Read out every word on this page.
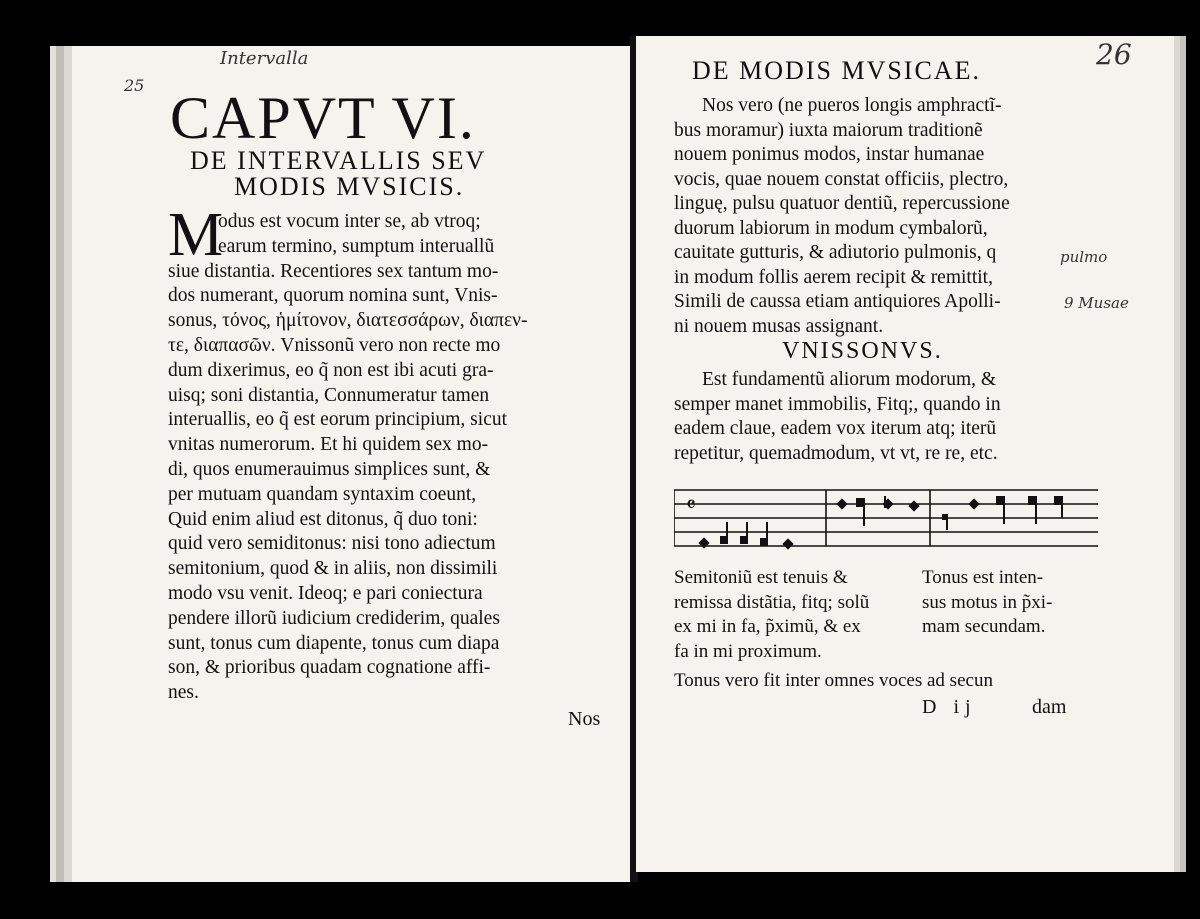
Intervalla
25 CAPVT VI.
DE INTERVALLIS SEV
MODIS MVSICIS.
M
odus est vocum inter se, ab vtroq;
earum termino, sumptum interuallũ
siue distantia. Recentiores sex tantum mo-
dos numerant, quorum nomina sunt, Vnis-
sonus, τόνος, ἡμίτονον, διατεσσάρων, διαπεν-
τε, διαπασῶν. Vnissonũ vero non recte mo
dum dixerimus, eo q̃ non est ibi acuti gra-
uisq; soni distantia, Connumeratur tamen
interuallis, eo q̃ est eorum principium, sicut
vnitas numerorum. Et hi quidem sex mo-
di, quos enumerauimus simplices sunt, &
per mutuam quandam syntaxim coeunt,
Quid enim aliud est ditonus, q̃ duo toni:
quid vero semiditonus: nisi tono adiectum
semitonium, quod & in aliis, non dissimili
modo vsu venit. Ideoq; e pari coniectura
pendere illorũ iudicium crediderim, quales
sunt, tonus cum diapente, tonus cum diapa
son, & prioribus quadam cognatione affi-
nes.
Nos
26
DE MODIS MVSICAE.
Nos vero (ne pueros longis amphractĩ-
bus moramur) iuxta maiorum traditionẽ
nouem ponimus modos, instar humanae
vocis, quae nouem constat officiis, plectro,
linguę, pulsu quatuor dentiũ, repercussione
duorum labiorum in modum cymbalorũ,
cauitate gutturis, & adiutorio pulmonis, q
in modum follis aerem recipit & remittit,
Simili de caussa etiam antiquiores Apolli-
ni nouem musas assignant.
pulmo
9 Musae
VNISSONVS.
Est fundamentũ aliorum modorum, &
semper manet immobilis, Fitq;, quando in
eadem claue, eadem vox iterum atq; iterũ
repetitur, quemadmodum, vt vt, re re, etc.
𝄴
Semitoniũ est tenuis &
remissa distãtia, fitq; solũ
ex mi in fa, p̃ximũ, & ex
fa in mi proximum.
Tonus est inten-
sus motus in p̃xi-
mam secundam.
Tonus vero fit inter omnes voces ad secun
D ij	dam
